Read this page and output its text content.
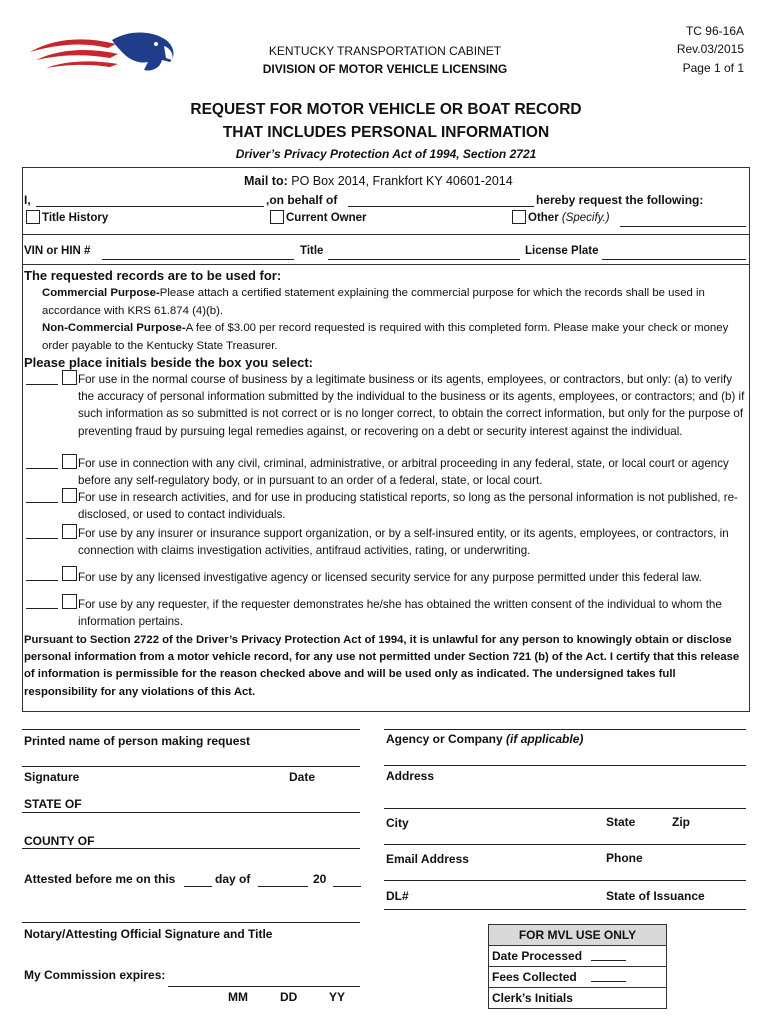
KENTUCKY TRANSPORTATION CABINET
DIVISION OF MOTOR VEHICLE LICENSING
TC 96-16A
Rev.03/2015
Page 1 of 1
REQUEST FOR MOTOR VEHICLE OR BOAT RECORD
THAT INCLUDES PERSONAL INFORMATION
Driver’s Privacy Protection Act of 1994, Section 2721
Mail to: PO Box 2014, Frankfort KY 40601-2014
I,	,on behalf of	hereby request the following:
Title History	Current Owner	Other (Specify.)
VIN or HIN #	Title	License Plate
The requested records are to be used for:
Commercial Purpose-Please attach a certified statement explaining the commercial purpose for which the records shall be used in accordance with KRS 61.874 (4)(b).
Non-Commercial Purpose-A fee of $3.00 per record requested is required with this completed form. Please make your check or money order payable to the Kentucky State Treasurer.
Please place initials beside the box you select:
For use in the normal course of business by a legitimate business or its agents, employees, or contractors, but only: (a) to verify the accuracy of personal information submitted by the individual to the business or its agents, employees, or contractors; and (b) if such information as so submitted is not correct or is no longer correct, to obtain the correct information, but only for the purpose of preventing fraud by pursuing legal remedies against, or recovering on a debt or security interest against the individual.
For use in connection with any civil, criminal, administrative, or arbitral proceeding in any federal, state, or local court or agency before any self-regulatory body, or in pursuant to an order of a federal, state, or local court.
For use in research activities, and for use in producing statistical reports, so long as the personal information is not published, re-disclosed, or used to contact individuals.
For use by any insurer or insurance support organization, or by a self-insured entity, or its agents, employees, or contractors, in connection with claims investigation activities, antifraud activities, rating, or underwriting.
For use by any licensed investigative agency or licensed security service for any purpose permitted under this federal law.
For use by any requester, if the requester demonstrates he/she has obtained the written consent of the individual to whom the information pertains.
Pursuant to Section 2722 of the Driver’s Privacy Protection Act of 1994, it is unlawful for any person to knowingly obtain or disclose personal information from a motor vehicle record, for any use not permitted under Section 721 (b) of the Act. I certify that this release of information is permissible for the reason checked above and will be used only as indicated. The undersigned takes full responsibility for any violations of this Act.
Printed name of person making request
Signature	Date
STATE OF
COUNTY OF
Attested before me on this	day of	20
Notary/Attesting Official Signature and Title
My Commission expires:
MM	DD	YY
Agency or Company (if applicable)
Address
City	State	Zip
Email Address	Phone
DL#	State of Issuance
FOR MVL USE ONLY
Date Processed
Fees Collected
Clerk’s Initials
